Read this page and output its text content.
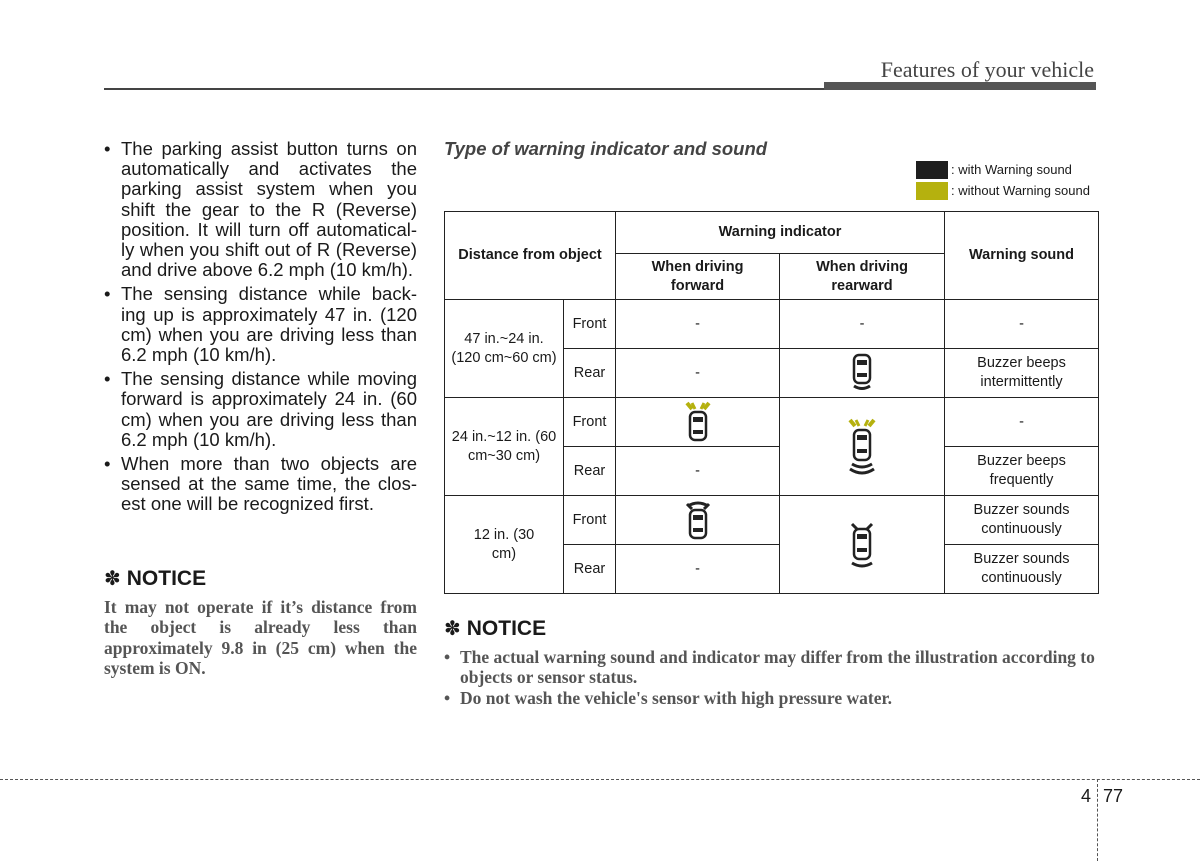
Features of your vehicle
• The parking assist button turns on automatically and activates the parking assist system when you shift the gear to the R (Reverse) position. It will turn off automatical-ly when you shift out of R (Reverse) and drive above 6.2 mph (10 km/h).
• The sensing distance while back-ing up is approximately 47 in. (120 cm) when you are driving less than 6.2 mph (10 km/h).
• The sensing distance while moving forward is approximately 24 in. (60 cm) when you are driving less than 6.2 mph (10 km/h).
• When more than two objects are sensed at the same time, the clos-est one will be recognized first.
✽ NOTICE
It may not operate if it’s distance from the object is already less than approximately 9.8 in (25 cm) when the system is ON.
Type of warning indicator and sound
: with Warning sound
: without Warning sound
Distance from object		Warning indicator		Warning sound
		When driving forward	When driving rearward	
47 in.~24 in. (120 cm~60 cm)	Front	-	-	-
	Rear	-		Buzzer beeps intermittently
24 in.~12 in. (60 cm~30 cm)	Front			-
	Rear	-		Buzzer beeps frequently
12 in. (30 cm)	Front			Buzzer sounds continuously
	Rear	-		Buzzer sounds continuously
✽ NOTICE
• The actual warning sound and indicator may differ from the illustration according to objects or sensor status.
• Do not wash the vehicle's sensor with high pressure water.
4 77
